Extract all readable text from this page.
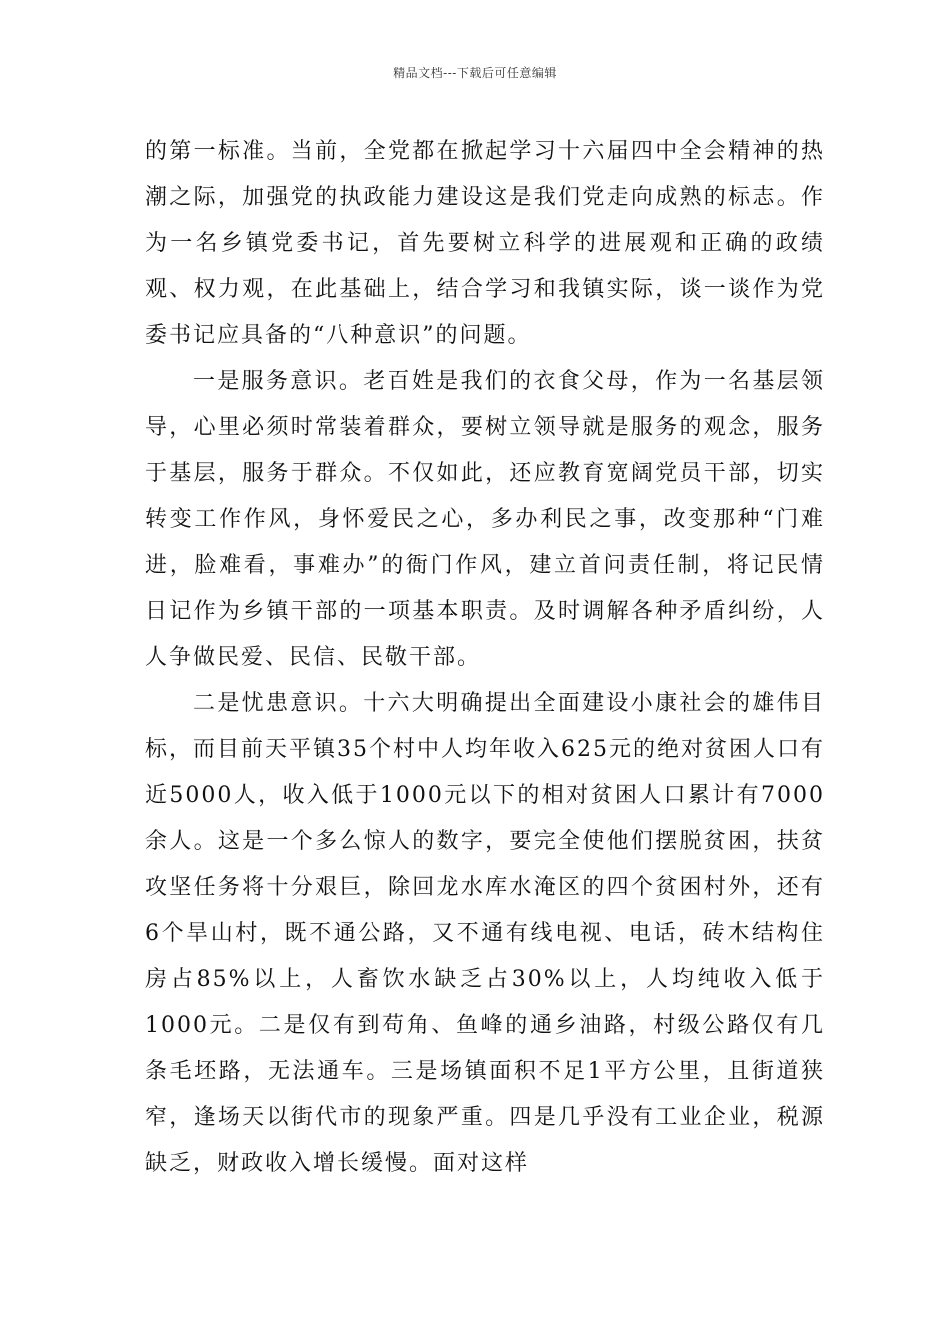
精品文档---下载后可任意编辑

的第一标准。当前，全党都在掀起学习十六届四中全会精神的热潮之际，加强党的执政能力建设这是我们党走向成熟的标志。作为一名乡镇党委书记，首先要树立科学的进展观和正确的政绩观、权力观，在此基础上，结合学习和我镇实际，谈一谈作为党委书记应具备的“八种意识”的问题。

一是服务意识。老百姓是我们的衣食父母，作为一名基层领导，心里必须时常装着群众，要树立领导就是服务的观念，服务于基层，服务于群众。不仅如此，还应教育宽阔党员干部，切实转变工作作风，身怀爱民之心，多办利民之事，改变那种“门难进，脸难看，事难办”的衙门作风，建立首问责任制，将记民情日记作为乡镇干部的一项基本职责。及时调解各种矛盾纠纷，人人争做民爱、民信、民敬干部。

二是忧患意识。十六大明确提出全面建设小康社会的雄伟目标，而目前天平镇35个村中人均年收入625元的绝对贫困人口有近5000人，收入低于1000元以下的相对贫困人口累计有7000余人。这是一个多么惊人的数字，要完全使他们摆脱贫困，扶贫攻坚任务将十分艰巨，除回龙水库水淹区的四个贫困村外，还有6个旱山村，既不通公路，又不通有线电视、电话，砖木结构住房占85%以上，人畜饮水缺乏占30%以上，人均纯收入低于1000元。二是仅有到苟角、鱼峰的通乡油路，村级公路仅有几条毛坯路，无法通车。三是场镇面积不足1平方公里，且街道狭窄，逢场天以街代市的现象严重。四是几乎没有工业企业，税源缺乏，财政收入增长缓慢。面对这样
